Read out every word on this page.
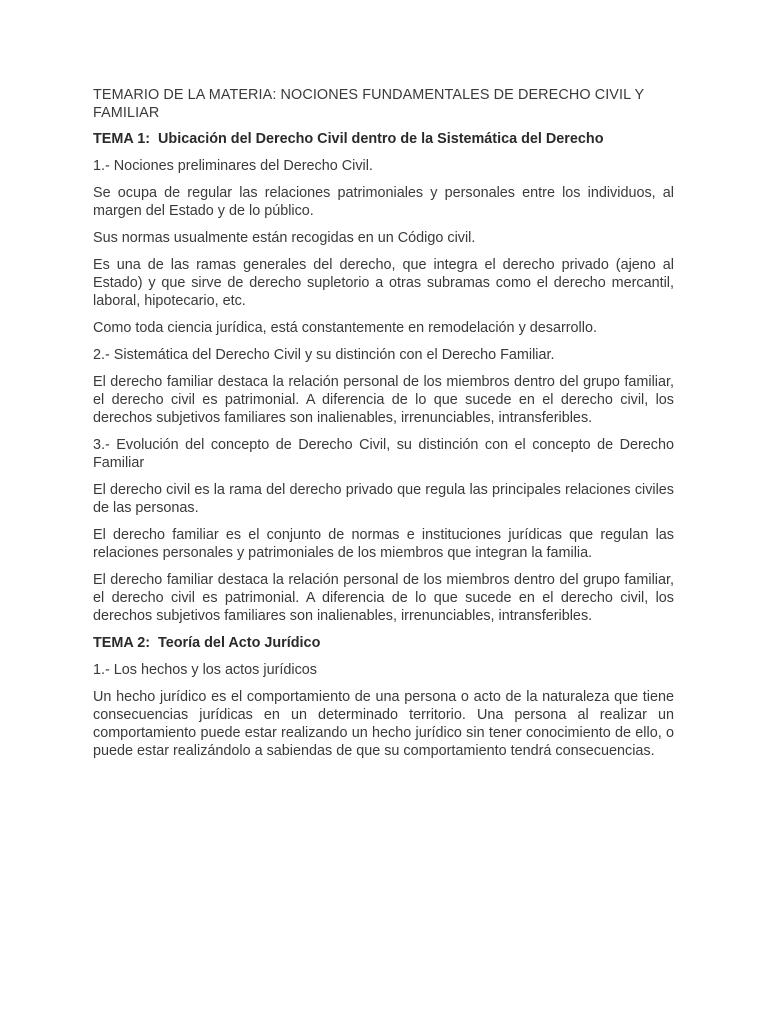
TEMARIO DE LA MATERIA: NOCIONES FUNDAMENTALES DE DERECHO CIVIL Y FAMILIAR

TEMA 1: Ubicación del Derecho Civil dentro de la Sistemática del Derecho

1.- Nociones preliminares del Derecho Civil.

Se ocupa de regular las relaciones patrimoniales y personales entre los individuos, al margen del Estado y de lo público.

Sus normas usualmente están recogidas en un Código civil.

Es una de las ramas generales del derecho, que integra el derecho privado (ajeno al Estado) y que sirve de derecho supletorio a otras subramas como el derecho mercantil, laboral, hipotecario, etc.

Como toda ciencia jurídica, está constantemente en remodelación y desarrollo.

2.- Sistemática del Derecho Civil y su distinción con el Derecho Familiar.

El derecho familiar destaca la relación personal de los miembros dentro del grupo familiar, el derecho civil es patrimonial. A diferencia de lo que sucede en el derecho civil, los derechos subjetivos familiares son inalienables, irrenunciables, intransferibles.

3.- Evolución del concepto de Derecho Civil, su distinción con el concepto de Derecho Familiar

El derecho civil es la rama del derecho privado que regula las principales relaciones civiles de las personas.

El derecho familiar es el conjunto de normas e instituciones jurídicas que regulan las relaciones personales y patrimoniales de los miembros que integran la familia.

El derecho familiar destaca la relación personal de los miembros dentro del grupo familiar, el derecho civil es patrimonial. A diferencia de lo que sucede en el derecho civil, los derechos subjetivos familiares son inalienables, irrenunciables, intransferibles.

TEMA 2: Teoría del Acto Jurídico

1.- Los hechos y los actos jurídicos

Un hecho jurídico es el comportamiento de una persona o acto de la naturaleza que tiene consecuencias jurídicas en un determinado territorio. Una persona al realizar un comportamiento puede estar realizando un hecho jurídico sin tener conocimiento de ello, o puede estar realizándolo a sabiendas de que su comportamiento tendrá consecuencias.
